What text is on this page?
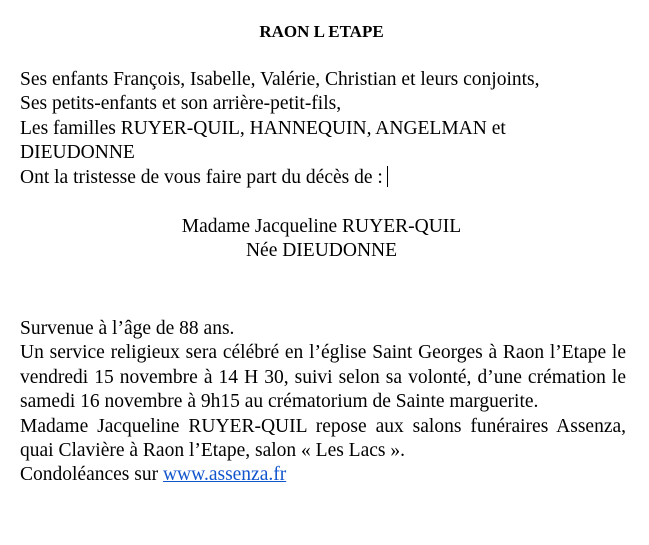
RAON L ETAPE
Ses enfants François, Isabelle, Valérie, Christian et leurs conjoints,
Ses petits-enfants et son arrière-petit-fils,
Les familles RUYER-QUIL, HANNEQUIN, ANGELMAN et
DIEUDONNE
Ont la tristesse de vous faire part du décès de :
Madame Jacqueline RUYER-QUIL
Née DIEUDONNE
Survenue à l’âge de 88 ans.
Un service religieux sera célébré en l’église Saint Georges à Raon l’Etape le vendredi 15 novembre à 14 H 30, suivi selon sa volonté, d’une crémation le samedi 16 novembre à 9h15 au crématorium de Sainte marguerite.
Madame Jacqueline RUYER-QUIL repose aux salons funéraires Assenza, quai Clavière à Raon l’Etape, salon « Les Lacs ».
Condoléances sur www.assenza.fr
